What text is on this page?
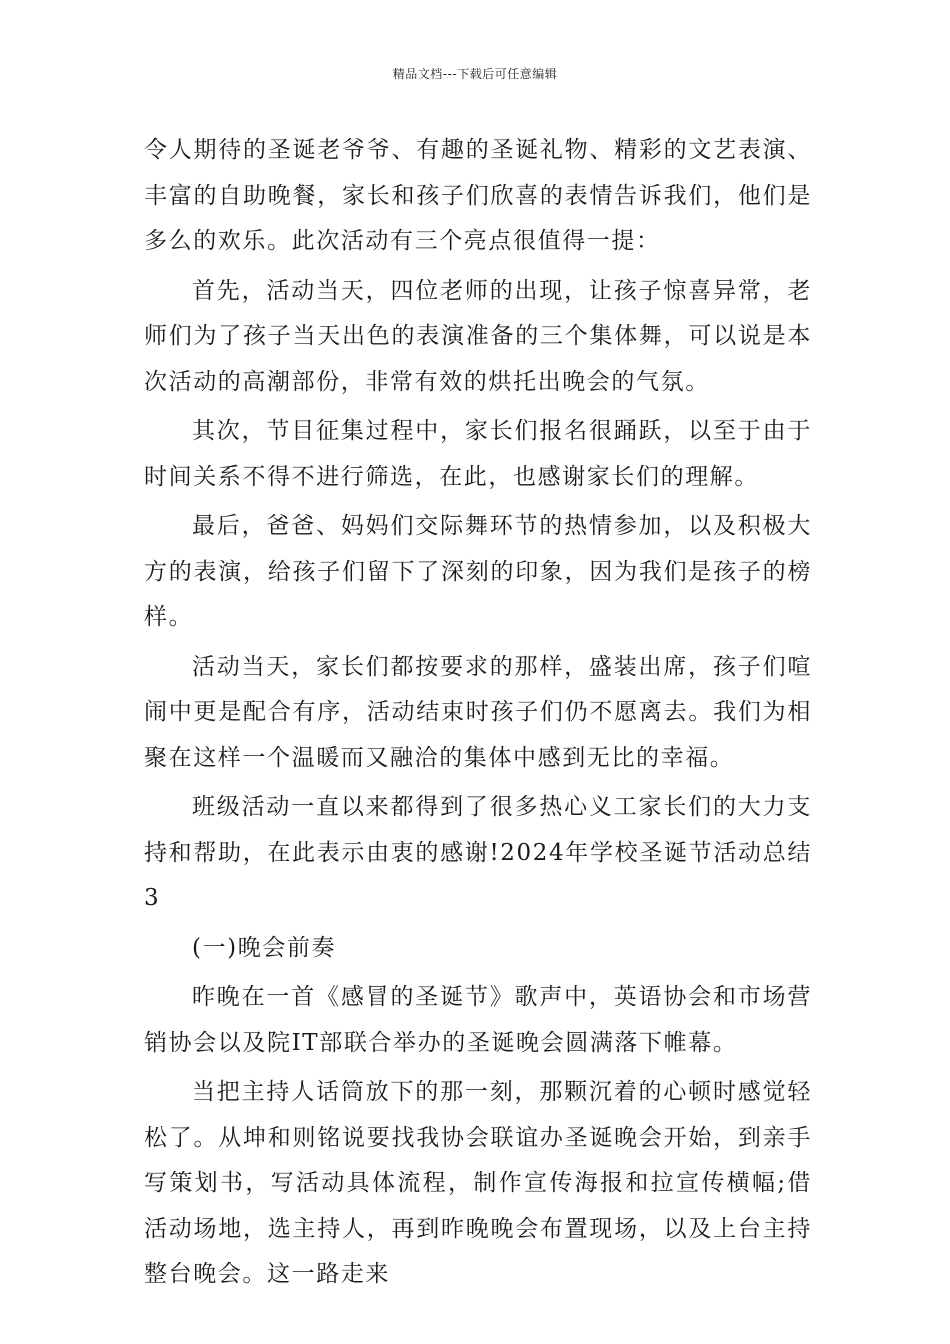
精品文档---下载后可任意编辑

令人期待的圣诞老爷爷、有趣的圣诞礼物、精彩的文艺表演、丰富的自助晚餐，家长和孩子们欣喜的表情告诉我们，他们是多么的欢乐。此次活动有三个亮点很值得一提：

首先，活动当天，四位老师的出现，让孩子惊喜异常，老师们为了孩子当天出色的表演准备的三个集体舞，可以说是本次活动的高潮部份，非常有效的烘托出晚会的气氛。

其次，节目征集过程中，家长们报名很踊跃，以至于由于时间关系不得不进行筛选，在此，也感谢家长们的理解。

最后，爸爸、妈妈们交际舞环节的热情参加，以及积极大方的表演，给孩子们留下了深刻的印象，因为我们是孩子的榜样。

活动当天，家长们都按要求的那样，盛装出席，孩子们喧闹中更是配合有序，活动结束时孩子们仍不愿离去。我们为相聚在这样一个温暖而又融洽的集体中感到无比的幸福。

班级活动一直以来都得到了很多热心义工家长们的大力支持和帮助，在此表示由衷的感谢!2024年学校圣诞节活动总结3

(一)晚会前奏

昨晚在一首《感冒的圣诞节》歌声中，英语协会和市场营销协会以及院IT部联合举办的圣诞晚会圆满落下帷幕。

当把主持人话筒放下的那一刻，那颗沉着的心顿时感觉轻松了。从坤和则铭说要找我协会联谊办圣诞晚会开始，到亲手写策划书，写活动具体流程，制作宣传海报和拉宣传横幅;借活动场地，选主持人，再到昨晚晚会布置现场，以及上台主持整台晚会。这一路走来
